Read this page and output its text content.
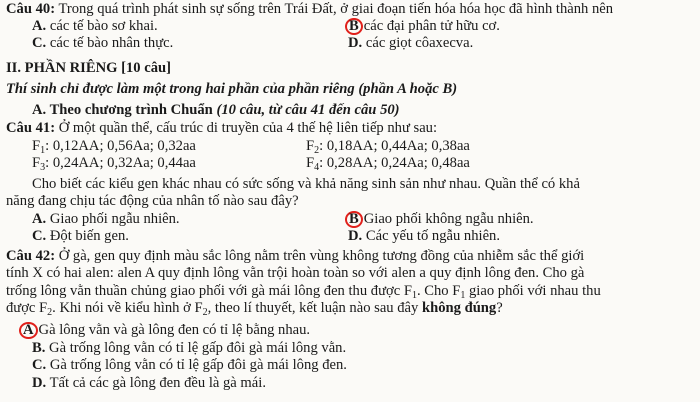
Câu 40: Trong quá trình phát sinh sự sống trên Trái Đất, ở giai đoạn tiến hóa hóa học đã hình thành nên
A. các tế bào sơ khai.	B các đại phân tử hữu cơ.
C. các tế bào nhân thực.	D. các giọt côaxecva.
II. PHẦN RIÊNG [10 câu]
Thí sinh chỉ được làm một trong hai phần của phần riêng (phần A hoặc B)
A. Theo chương trình Chuẩn (10 câu, từ câu 41 đến câu 50)
Câu 41: Ở một quần thể, cấu trúc di truyền của 4 thế hệ liên tiếp như sau:
$F_1$: 0,12AA; 0,56Aa; 0,32aa	$F_2$: 0,18AA; 0,44Aa; 0,38aa
$F_3$: 0,24AA; 0,32Aa; 0,44aa	$F_4$: 0,28AA; 0,24Aa; 0,48aa
Cho biết các kiểu gen khác nhau có sức sống và khả năng sinh sản như nhau. Quần thể có khả
năng đang chịu tác động của nhân tố nào sau đây?
A. Giao phối ngẫu nhiên.	B Giao phối không ngẫu nhiên.
C. Đột biến gen.	D. Các yếu tố ngẫu nhiên.
Câu 42: Ở gà, gen quy định màu sắc lông nằm trên vùng không tương đồng của nhiễm sắc thể giới
tính X có hai alen: alen A quy định lông vằn trội hoàn toàn so với alen a quy định lông đen. Cho gà
trống lông vằn thuần chủng giao phối với gà mái lông đen thu được $F_1$. Cho $F_1$ giao phối với nhau thu
được $F_2$. Khi nói về kiểu hình ở $F_2$, theo lí thuyết, kết luận nào sau đây không đúng?
A Gà lông vằn và gà lông đen có tỉ lệ bằng nhau.
B. Gà trống lông vằn có tỉ lệ gấp đôi gà mái lông vằn.
C. Gà trống lông vằn có tỉ lệ gấp đôi gà mái lông đen.
D. Tất cả các gà lông đen đều là gà mái.
